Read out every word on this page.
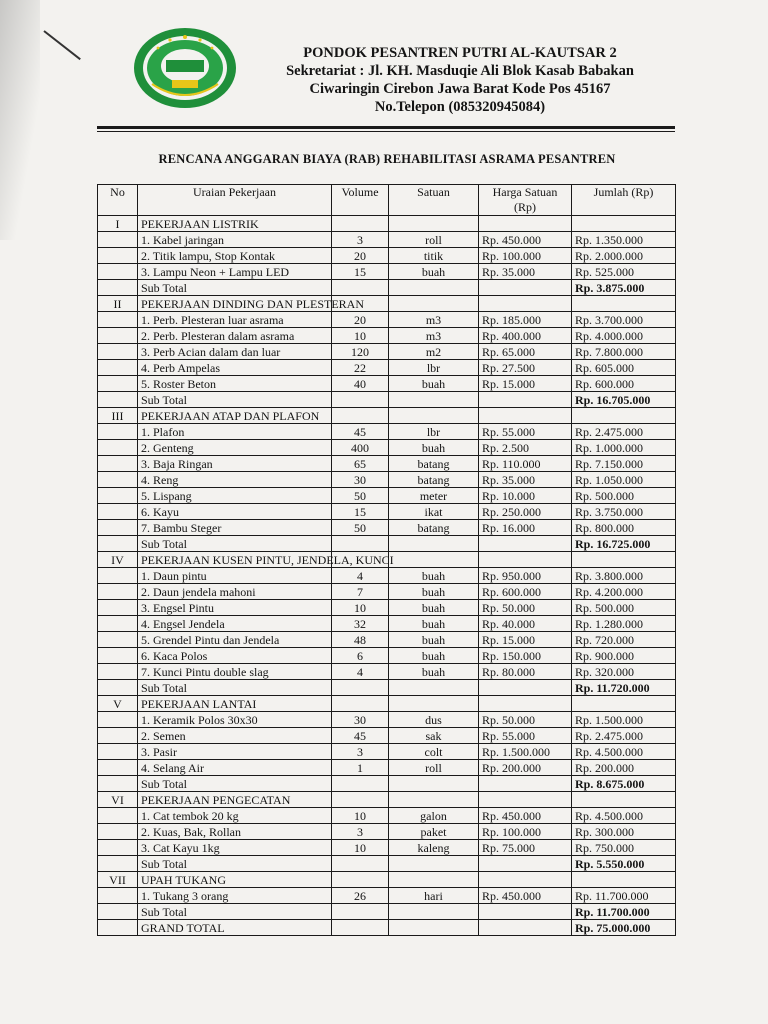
PONDOK PESANTREN PUTRI AL-KAUTSAR 2
Sekretariat : Jl. KH. Masduqie Ali Blok Kasab Babakan
Ciwaringin Cirebon Jawa Barat Kode Pos 45167
No.Telepon (085320945084)
RENCANA ANGGARAN BIAYA (RAB) REHABILITASI ASRAMA PESANTREN
No	Uraian Pekerjaan	Volume	Satuan	Harga Satuan (Rp)	Jumlah (Rp)
I	PEKERJAAN LISTRIK				
	1. Kabel jaringan	3	roll	Rp. 450.000	Rp. 1.350.000
	2. Titik lampu, Stop Kontak	20	titik	Rp. 100.000	Rp. 2.000.000
	3. Lampu Neon + Lampu LED	15	buah	Rp. 35.000	Rp. 525.000
	Sub Total				Rp. 3.875.000
II	PEKERJAAN DINDING DAN PLESTERAN				
	1. Perb. Plesteran luar asrama	20	m3	Rp. 185.000	Rp. 3.700.000
	2. Perb. Plesteran dalam asrama	10	m3	Rp. 400.000	Rp. 4.000.000
	3. Perb Acian dalam dan luar	120	m2	Rp. 65.000	Rp. 7.800.000
	4. Perb Ampelas	22	lbr	Rp. 27.500	Rp. 605.000
	5. Roster Beton	40	buah	Rp. 15.000	Rp. 600.000
	Sub Total				Rp. 16.705.000
III	PEKERJAAN ATAP DAN PLAFON				
	1. Plafon	45	lbr	Rp. 55.000	Rp. 2.475.000
	2. Genteng	400	buah	Rp. 2.500	Rp. 1.000.000
	3. Baja Ringan	65	batang	Rp. 110.000	Rp. 7.150.000
	4. Reng	30	batang	Rp. 35.000	Rp. 1.050.000
	5. Lispang	50	meter	Rp. 10.000	Rp. 500.000
	6. Kayu	15	ikat	Rp. 250.000	Rp. 3.750.000
	7. Bambu Steger	50	batang	Rp. 16.000	Rp. 800.000
	Sub Total				Rp. 16.725.000
IV	PEKERJAAN KUSEN PINTU, JENDELA, KUNCI				
	1. Daun pintu	4	buah	Rp. 950.000	Rp. 3.800.000
	2. Daun jendela mahoni	7	buah	Rp. 600.000	Rp. 4.200.000
	3. Engsel Pintu	10	buah	Rp. 50.000	Rp. 500.000
	4. Engsel Jendela	32	buah	Rp. 40.000	Rp. 1.280.000
	5. Grendel Pintu dan Jendela	48	buah	Rp. 15.000	Rp. 720.000
	6. Kaca Polos	6	buah	Rp. 150.000	Rp. 900.000
	7. Kunci Pintu double slag	4	buah	Rp. 80.000	Rp. 320.000
	Sub Total				Rp. 11.720.000
V	PEKERJAAN LANTAI				
	1. Keramik Polos 30x30	30	dus	Rp. 50.000	Rp. 1.500.000
	2. Semen	45	sak	Rp. 55.000	Rp. 2.475.000
	3. Pasir	3	colt	Rp. 1.500.000	Rp. 4.500.000
	4. Selang Air	1	roll	Rp. 200.000	Rp. 200.000
	Sub Total				Rp. 8.675.000
VI	PEKERJAAN PENGECATAN				
	1. Cat tembok 20 kg	10	galon	Rp. 450.000	Rp. 4.500.000
	2. Kuas, Bak, Rollan	3	paket	Rp. 100.000	Rp. 300.000
	3. Cat Kayu 1kg	10	kaleng	Rp. 75.000	Rp. 750.000
	Sub Total				Rp. 5.550.000
VII	UPAH TUKANG				
	1. Tukang 3 orang	26	hari	Rp. 450.000	Rp. 11.700.000
	Sub Total				Rp. 11.700.000
	GRAND TOTAL				Rp. 75.000.000
